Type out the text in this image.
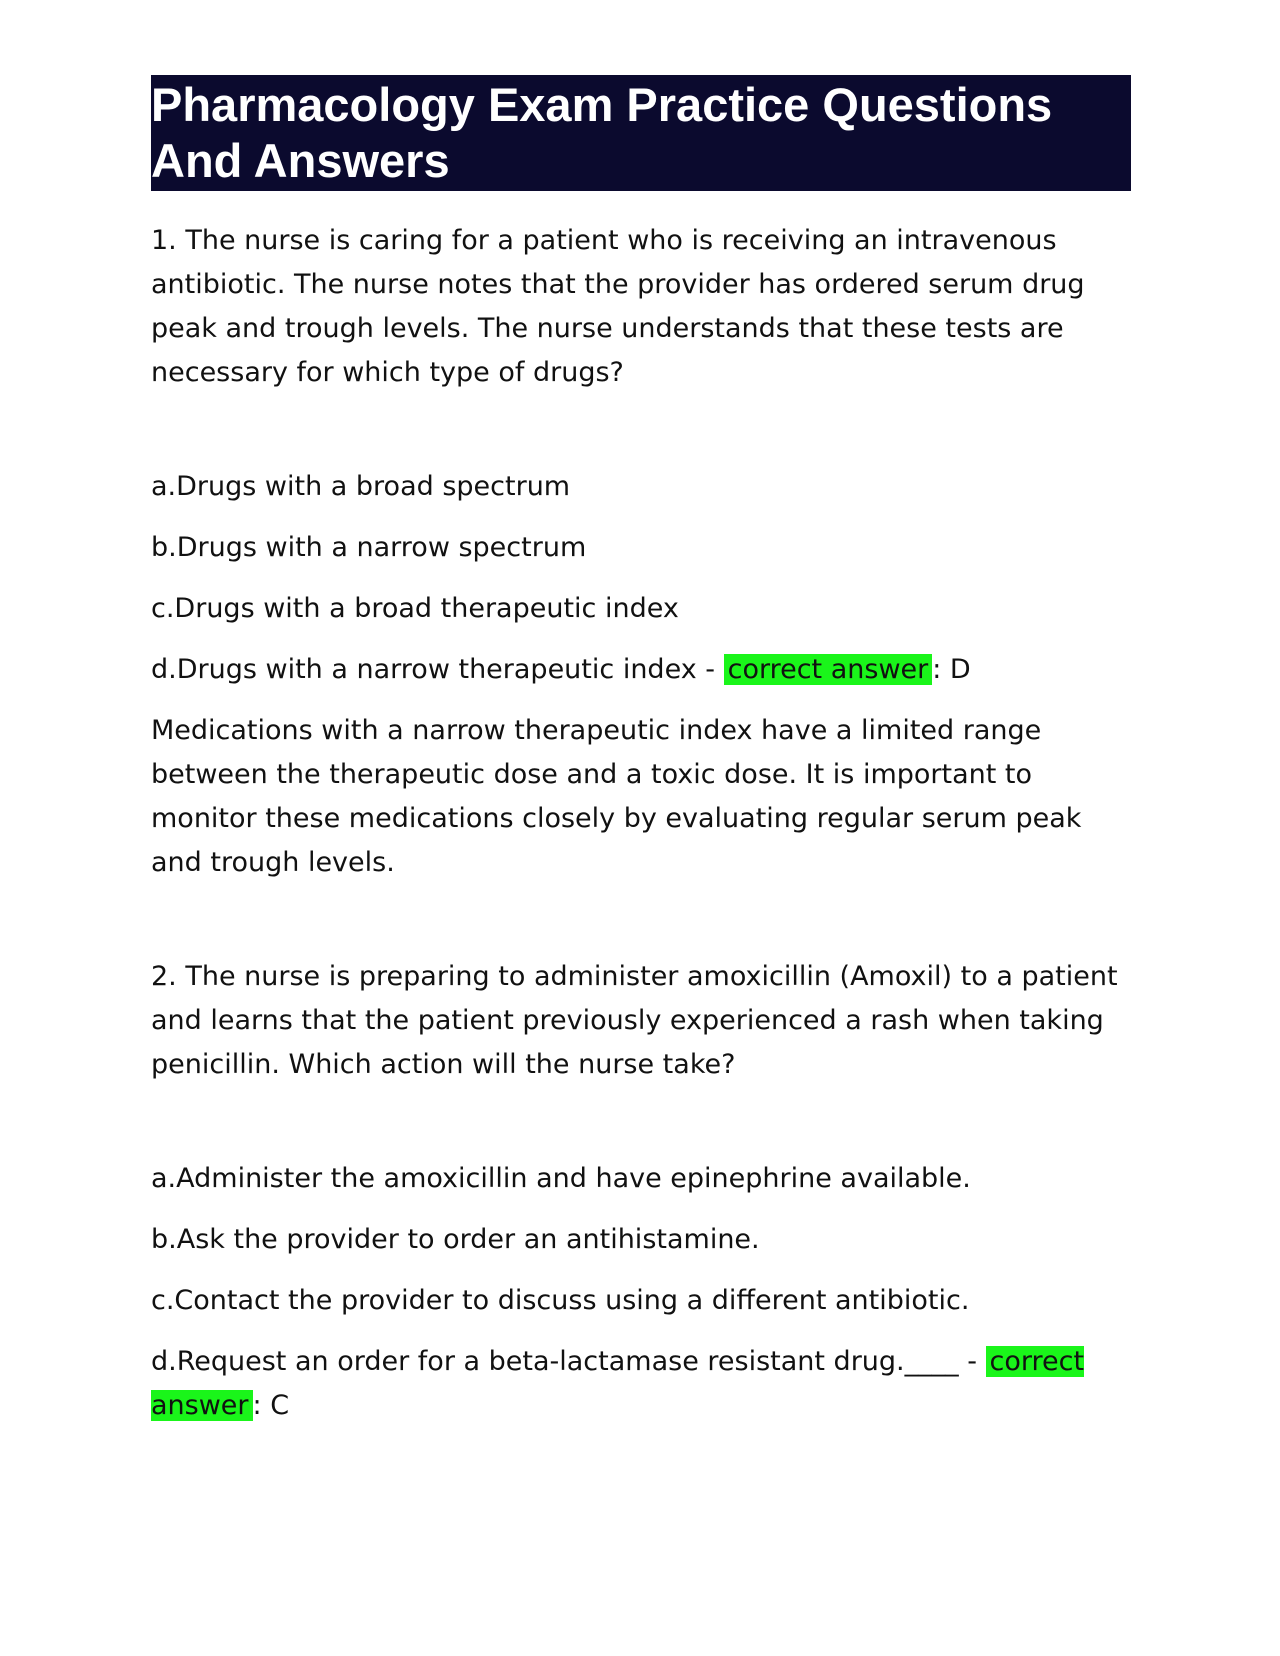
Pharmacology Exam Practice Questions
And Answers

1. The nurse is caring for a patient who is receiving an intravenous antibiotic. The nurse notes that the provider has ordered serum drug peak and trough levels. The nurse understands that these tests are necessary for which type of drugs?

a.Drugs with a broad spectrum

b.Drugs with a narrow spectrum

c.Drugs with a broad therapeutic index

d.Drugs with a narrow therapeutic index - correct answer : D

Medications with a narrow therapeutic index have a limited range between the therapeutic dose and a toxic dose. It is important to monitor these medications closely by evaluating regular serum peak and trough levels.

2. The nurse is preparing to administer amoxicillin (Amoxil) to a patient and learns that the patient previously experienced a rash when taking penicillin. Which action will the nurse take?

a.Administer the amoxicillin and have epinephrine available.

b.Ask the provider to order an antihistamine.

c.Contact the provider to discuss using a different antibiotic.

d.Request an order for a beta-lactamase resistant drug.____ - correct answer : C
